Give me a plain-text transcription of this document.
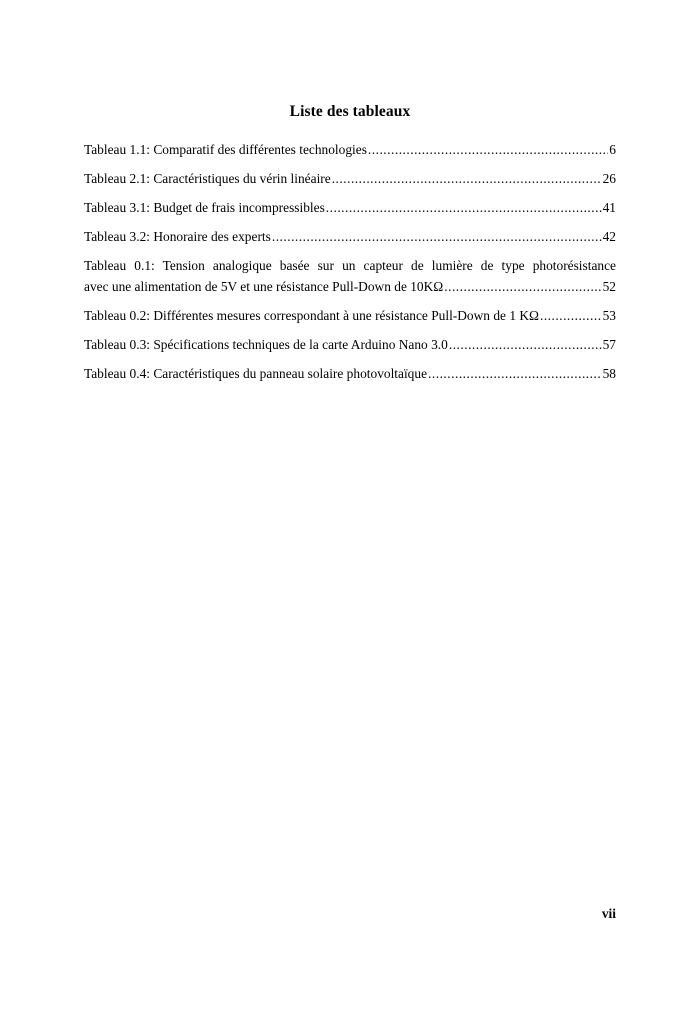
Liste des tableaux
Tableau 1.1: Comparatif des différentes technologies .....	6
Tableau 2.1: Caractéristiques du vérin linéaire .....	26
Tableau 3.1: Budget de frais incompressibles .....	41
Tableau 3.2: Honoraire des experts .....	42
Tableau 0.1: Tension analogique basée sur un capteur de lumière de type photorésistance
avec une alimentation de 5V et une résistance Pull-Down de 10KΩ .....	52
Tableau 0.2: Différentes mesures correspondant à une résistance Pull-Down de 1 KΩ .....	53
Tableau 0.3: Spécifications techniques de la carte Arduino Nano 3.0 .....	57
Tableau 0.4: Caractéristiques du panneau solaire photovoltaïque .....	58
vii
